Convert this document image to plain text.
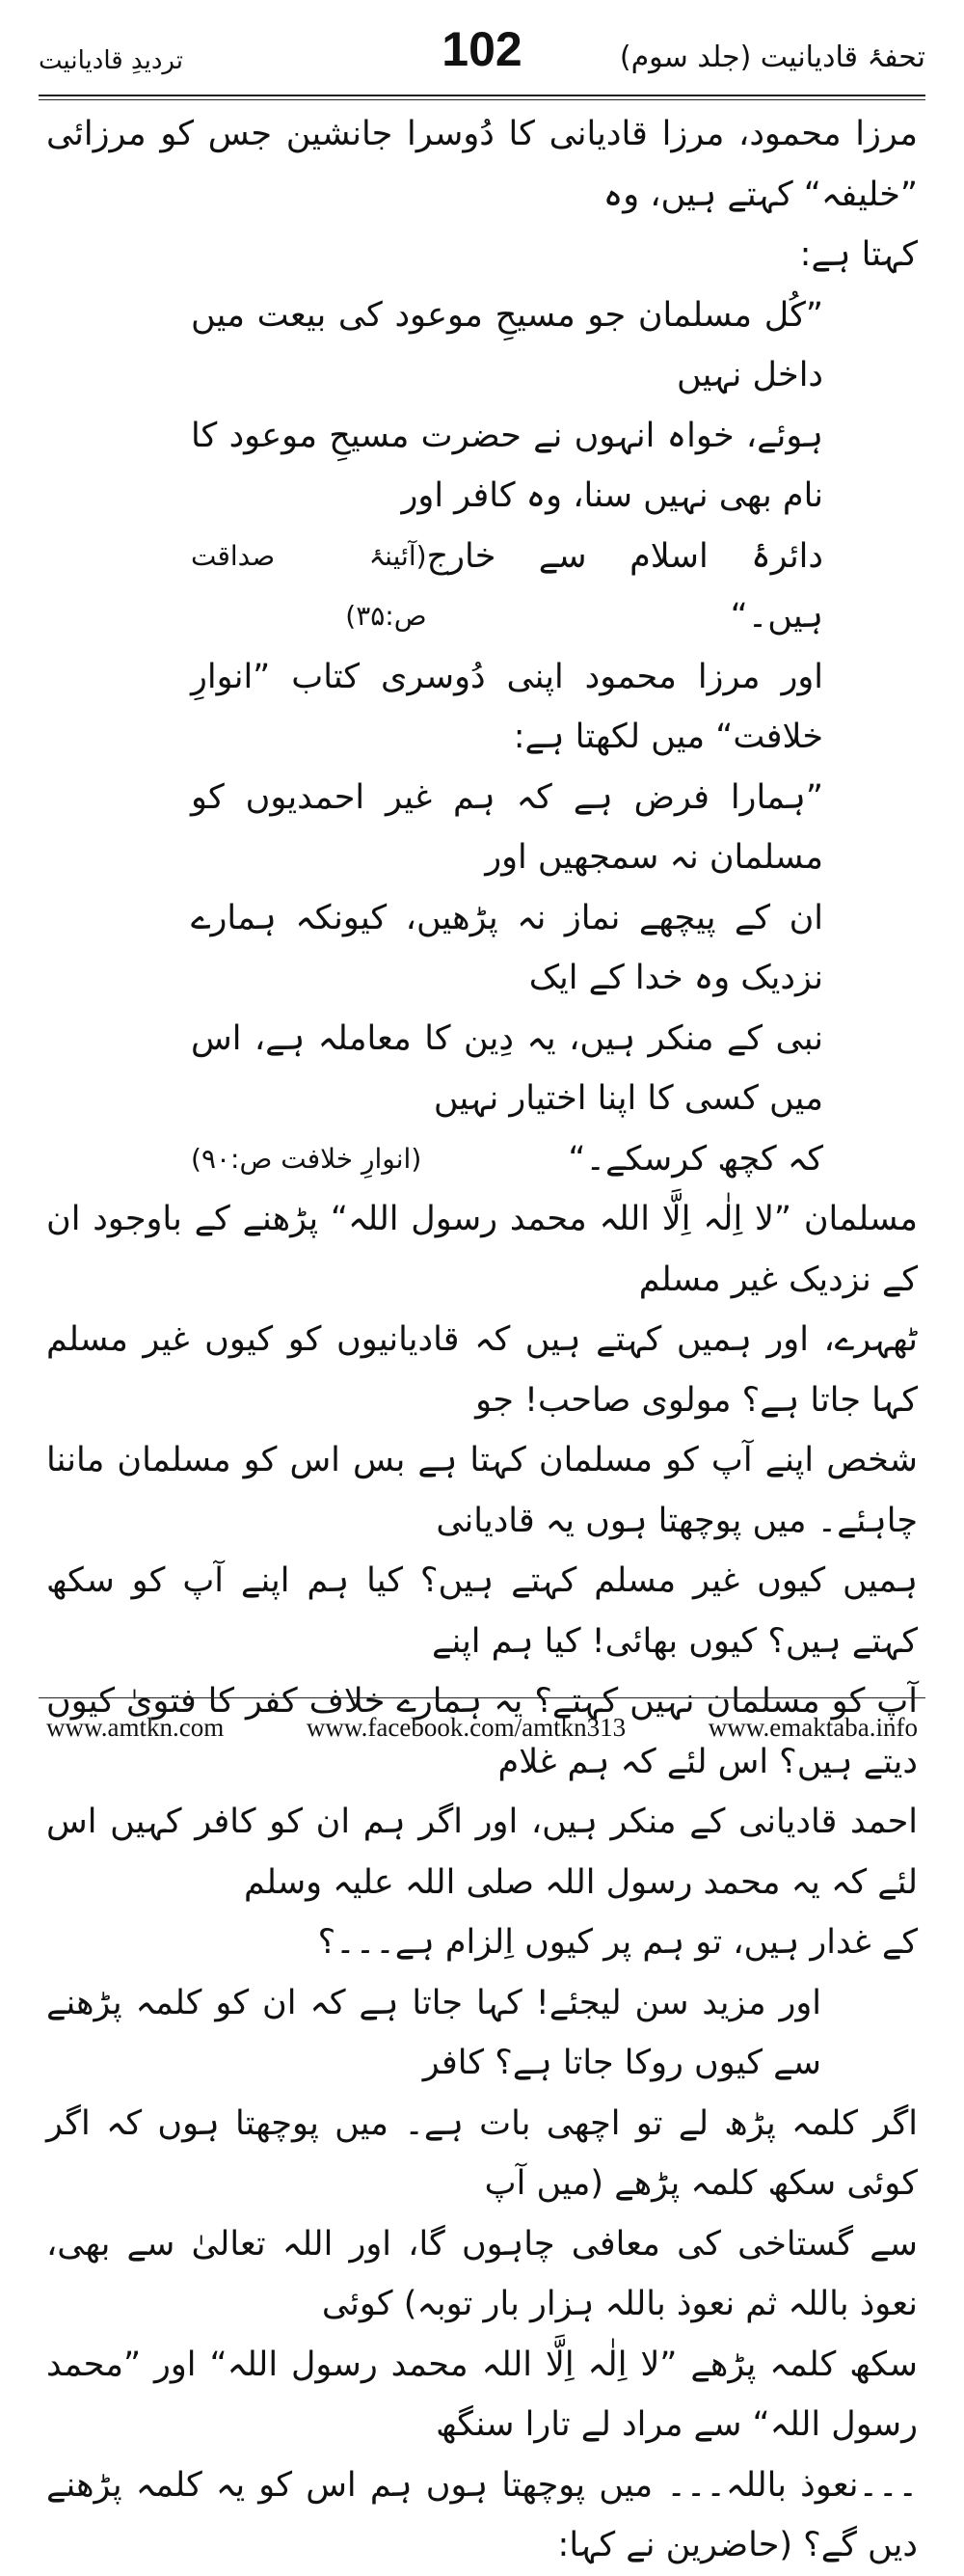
تحفۂ قادیانیت (جلد سوم)
102
تردیدِ قادیانیت

مرزا محمود، مرزا قادیانی کا دُوسرا جانشین جس کو مرزائی ”خلیفہ“ کہتے ہیں، وہ
کہتا ہے:

”کُل مسلمان جو مسیحِ موعود کی بیعت میں داخل نہیں
ہوئے، خواہ انہوں نے حضرت مسیحِ موعود کا نام بھی نہیں سنا، وہ کافر اور
دائرۂ اسلام سے خارج ہیں۔“
(آئینۂ صداقت ص:۳۵)
اور مرزا محمود اپنی دُوسری کتاب ”انوارِ خلافت“ میں لکھتا ہے:
”ہمارا فرض ہے کہ ہم غیر احمدیوں کو مسلمان نہ سمجھیں اور
ان کے پیچھے نماز نہ پڑھیں، کیونکہ ہمارے نزدیک وہ خدا کے ایک
نبی کے منکر ہیں، یہ دِین کا معاملہ ہے، اس میں کسی کا اپنا اختیار نہیں
کہ کچھ کرسکے۔“
(انوارِ خلافت ص:۹۰)
مسلمان ”لا اِلٰہ اِلَّا اللہ محمد رسول اللہ“ پڑھنے کے باوجود ان کے نزدیک غیر مسلم
ٹھہرے، اور ہمیں کہتے ہیں کہ قادیانیوں کو کیوں غیر مسلم کہا جاتا ہے؟ مولوی صاحب! جو
شخص اپنے آپ کو مسلمان کہتا ہے بس اس کو مسلمان ماننا چاہئے۔ میں پوچھتا ہوں یہ قادیانی
ہمیں کیوں غیر مسلم کہتے ہیں؟ کیا ہم اپنے آپ کو سکھ کہتے ہیں؟ کیوں بھائی! کیا ہم اپنے
آپ کو مسلمان نہیں کہتے؟ یہ ہمارے خلاف کفر کا فتویٰ کیوں دیتے ہیں؟ اس لئے کہ ہم غلام
احمد قادیانی کے منکر ہیں، اور اگر ہم ان کو کافر کہیں اس لئے کہ یہ محمد رسول اللہ صلی اللہ علیہ وسلم
کے غدار ہیں، تو ہم پر کیوں اِلزام ہے۔۔۔؟
اور مزید سن لیجئے! کہا جاتا ہے کہ ان کو کلمہ پڑھنے سے کیوں روکا جاتا ہے؟ کافر
اگر کلمہ پڑھ لے تو اچھی بات ہے۔ میں پوچھتا ہوں کہ اگر کوئی سکھ کلمہ پڑھے (میں آپ
سے گستاخی کی معافی چاہوں گا، اور اللہ تعالیٰ سے بھی، نعوذ باللہ ثم نعوذ باللہ ہزار بار توبہ) کوئی
سکھ کلمہ پڑھے ”لا اِلٰہ اِلَّا اللہ محمد رسول اللہ“ اور ”محمد رسول اللہ“ سے مراد لے تارا سنگھ
۔۔۔نعوذ باللہ۔۔۔ میں پوچھتا ہوں ہم اس کو یہ کلمہ پڑھنے دیں گے؟ (حاضرین نے کہا:
www.amtkn.com	www.facebook.com/amtkn313	www.emaktaba.info
